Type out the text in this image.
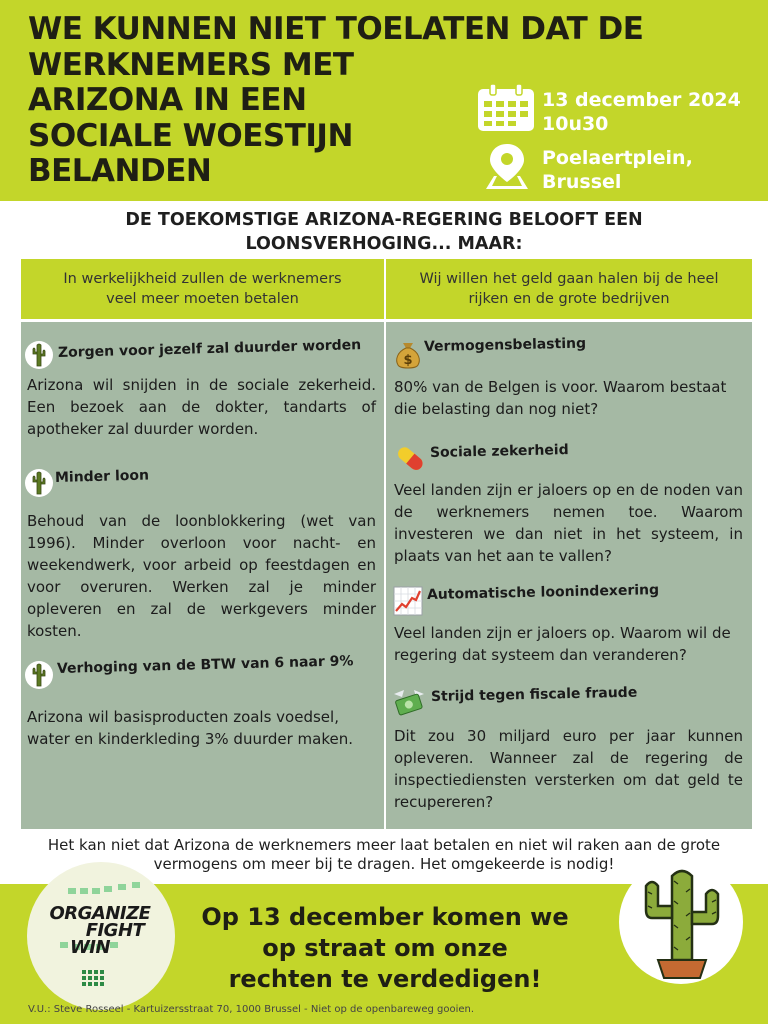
WE KUNNEN NIET TOELATEN DAT DE
WERKNEMERS MET
ARIZONA IN EEN
SOCIALE WOESTIJN
BELANDEN
13 december 2024
10u30
Poelaertplein,
Brussel
DE TOEKOMSTIGE ARIZONA-REGERING BELOOFT EEN
LOONSVERHOGING... MAAR:
In werkelijkheid zullen de werknemers
veel meer moeten betalen
Wij willen het geld gaan halen bij de heel
rijken en de grote bedrijven
Zorgen voor jezelf zal duurder worden
Arizona wil snijden in de sociale zekerheid. Een bezoek aan de dokter, tandarts of apotheker zal duurder worden.
Minder loon
Behoud van de loonblokkering (wet van 1996). Minder overloon voor nacht- en weekendwerk, voor arbeid op feestdagen en voor overuren. Werken zal je minder opleveren en zal de werkgevers minder kosten.
Verhoging van de BTW van 6 naar 9%
Arizona wil basisproducten zoals voedsel, water en kinderkleding 3% duurder maken.
$
Vermogensbelasting
80% van de Belgen is voor. Waarom bestaat die belasting dan nog niet?
Sociale zekerheid
Veel landen zijn er jaloers op en de noden van de werknemers nemen toe. Waarom investeren we dan niet in het systeem, in plaats van het aan te vallen?
Automatische loonindexering
Veel landen zijn er jaloers op. Waarom wil de regering dat systeem dan veranderen?
Strijd tegen fiscale fraude
Dit zou 30 miljard euro per jaar kunnen opleveren. Wanneer zal de regering de inspectiediensten versterken om dat geld te recupereren?
Het kan niet dat Arizona de werknemers meer laat betalen en niet wil raken aan de grote vermogens om meer bij te dragen. Het omgekeerde is nodig!
ORGANIZE
FIGHT
WIN
Op 13 december komen we
op straat om onze
rechten te verdedigen!
V.U.: Steve Rosseel - Kartuizersstraat 70, 1000 Brussel - Niet op de openbareweg gooien.
